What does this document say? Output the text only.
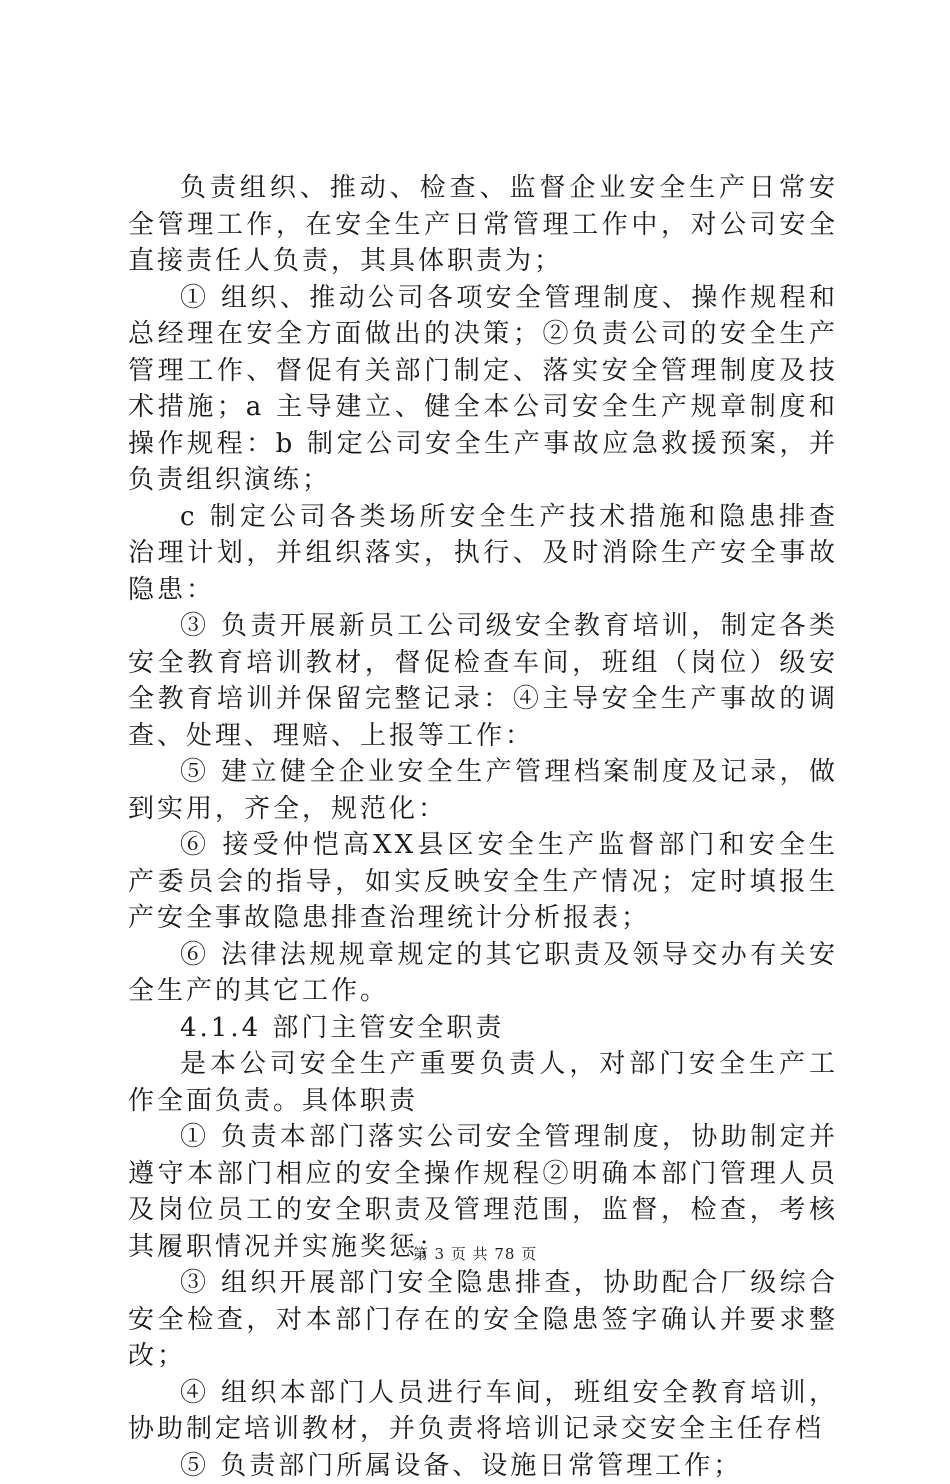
负责组织、推动、检查、监督企业安全生产日常安全管理工作，在安全生产日常管理工作中，对公司安全直接责任人负责，其具体职责为；

① 组织、推动公司各项安全管理制度、操作规程和总经理在安全方面做出的决策；②负责公司的安全生产管理工作、督促有关部门制定、落实安全管理制度及技术措施；a 主导建立、健全本公司安全生产规章制度和操作规程：b 制定公司安全生产事故应急救援预案，并负责组织演练；

c 制定公司各类场所安全生产技术措施和隐患排查治理计划，并组织落实，执行、及时消除生产安全事故隐患：

③ 负责开展新员工公司级安全教育培训，制定各类安全教育培训教材，督促检查车间，班组（岗位）级安全教育培训并保留完整记录：④主导安全生产事故的调查、处理、理赔、上报等工作：

⑤ 建立健全企业安全生产管理档案制度及记录，做到实用，齐全，规范化：

⑥ 接受仲恺高XX县区安全生产监督部门和安全生产委员会的指导，如实反映安全生产情况；定时填报生产安全事故隐患排查治理统计分析报表；

⑥ 法律法规规章规定的其它职责及领导交办有关安全生产的其它工作。

4.1.4 部门主管安全职责

是本公司安全生产重要负责人，对部门安全生产工作全面负责。具体职责

① 负责本部门落实公司安全管理制度，协助制定并遵守本部门相应的安全操作规程②明确本部门管理人员及岗位员工的安全职责及管理范围，监督，检查，考核其履职情况并实施奖惩；

③ 组织开展部门安全隐患排查，协助配合厂级综合安全检查，对本部门存在的安全隐患签字确认并要求整改；

④ 组织本部门人员进行车间，班组安全教育培训，协助制定培训教材，并负责将培训记录交安全主任存档

⑤ 负责部门所属设备、设施日常管理工作；

第 3 页 共 78 页
